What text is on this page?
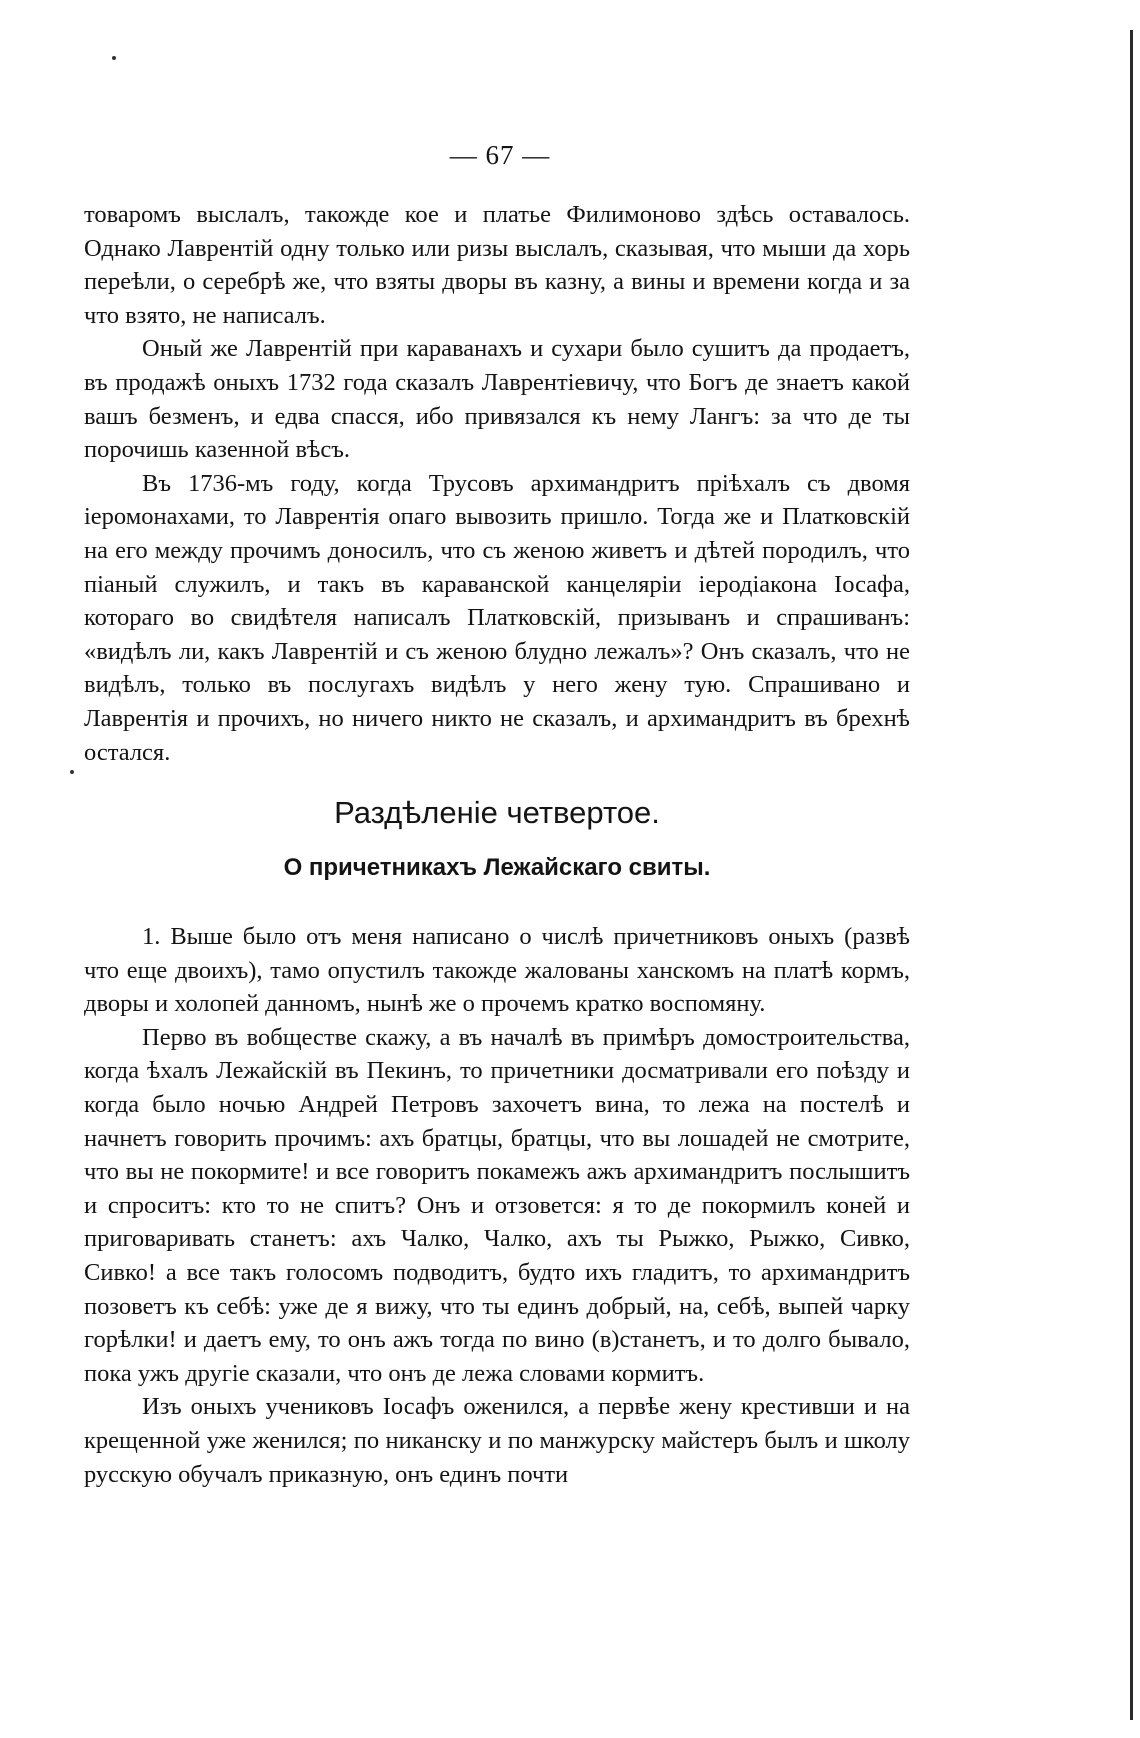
— 67 —

товаромъ выслалъ, такожде кое и платье Филимоново здѣсь оставалось. Однако Лаврентій одну только или ризы выслалъ, сказывая, что мыши да хорь переѣли, о серебрѣ же, что взяты дворы въ казну, а вины и времени когда и за что взято, не написалъ.

Оный же Лаврентій при караванахъ и сухари было сушитъ да продаетъ, въ продажѣ оныхъ 1732 года сказалъ Лаврентіевичу, что Богъ де знаетъ какой вашъ безменъ, и едва спасся, ибо привязался къ нему Лангъ: за что де ты порочишь казенной вѣсъ.

Въ 1736-мъ году, когда Трусовъ архимандритъ пріѣхалъ съ двомя іеромонахами, то Лаврентія опаго вывозить пришло. Тогда же и Платковскій на его между прочимъ доносилъ, что съ женою живетъ и дѣтей породилъ, что піаный служилъ, и такъ въ караванской канцеляріи іеродіакона Іосафа, котораго во свидѣтеля написалъ Платковскій, призыванъ и спрашиванъ: «видѣлъ ли, какъ Лаврентій и съ женою блудно лежалъ»? Онъ сказалъ, что не видѣлъ, только въ послугахъ видѣлъ у него жену тую. Спрашивано и Лаврентія и прочихъ, но ничего никто не сказалъ, и архимандритъ въ брехнѣ остался.

Раздѣленіе четвертое.
О причетникахъ Лежайскаго свиты.

1. Выше было отъ меня написано о числѣ причетниковъ оныхъ (развѣ что еще двоихъ), тамо опустилъ такожде жалованы ханскомъ на платѣ кормъ, дворы и холопей данномъ, нынѣ же о прочемъ кратко воспомяну.

Перво въ вобществе скажу, а въ началѣ въ примѣръ домостроительства, когда ѣхалъ Лежайскій въ Пекинъ, то причетники досматривали его поѣзду и когда было ночью Андрей Петровъ захочетъ вина, то лежа на постелѣ и начнетъ говорить прочимъ: ахъ братцы, братцы, что вы лошадей не смотрите, что вы не покормите! и все говоритъ покамежъ ажъ архимандритъ послышитъ и спроситъ: кто то не спитъ? Онъ и отзовется: я то де покормилъ коней и приговаривать станетъ: ахъ Чалко, Чалко, ахъ ты Рыжко, Рыжко, Сивко, Сивко! а все такъ голосомъ подводитъ, будто ихъ гладитъ, то архимандритъ позоветъ къ себѣ: уже де я вижу, что ты единъ добрый, на, себѣ, выпей чарку горѣлки! и даетъ ему, то онъ ажъ тогда по вино (в)станетъ, и то долго бывало, пока ужъ другіе сказали, что онъ де лежа словами кормитъ.

Изъ оныхъ учениковъ Іосафъ оженился, а первѣе жену крестивши и на крещенной уже женился; по никанску и по манжурску майстеръ былъ и школу русскую обучалъ приказную, онъ единъ почти
